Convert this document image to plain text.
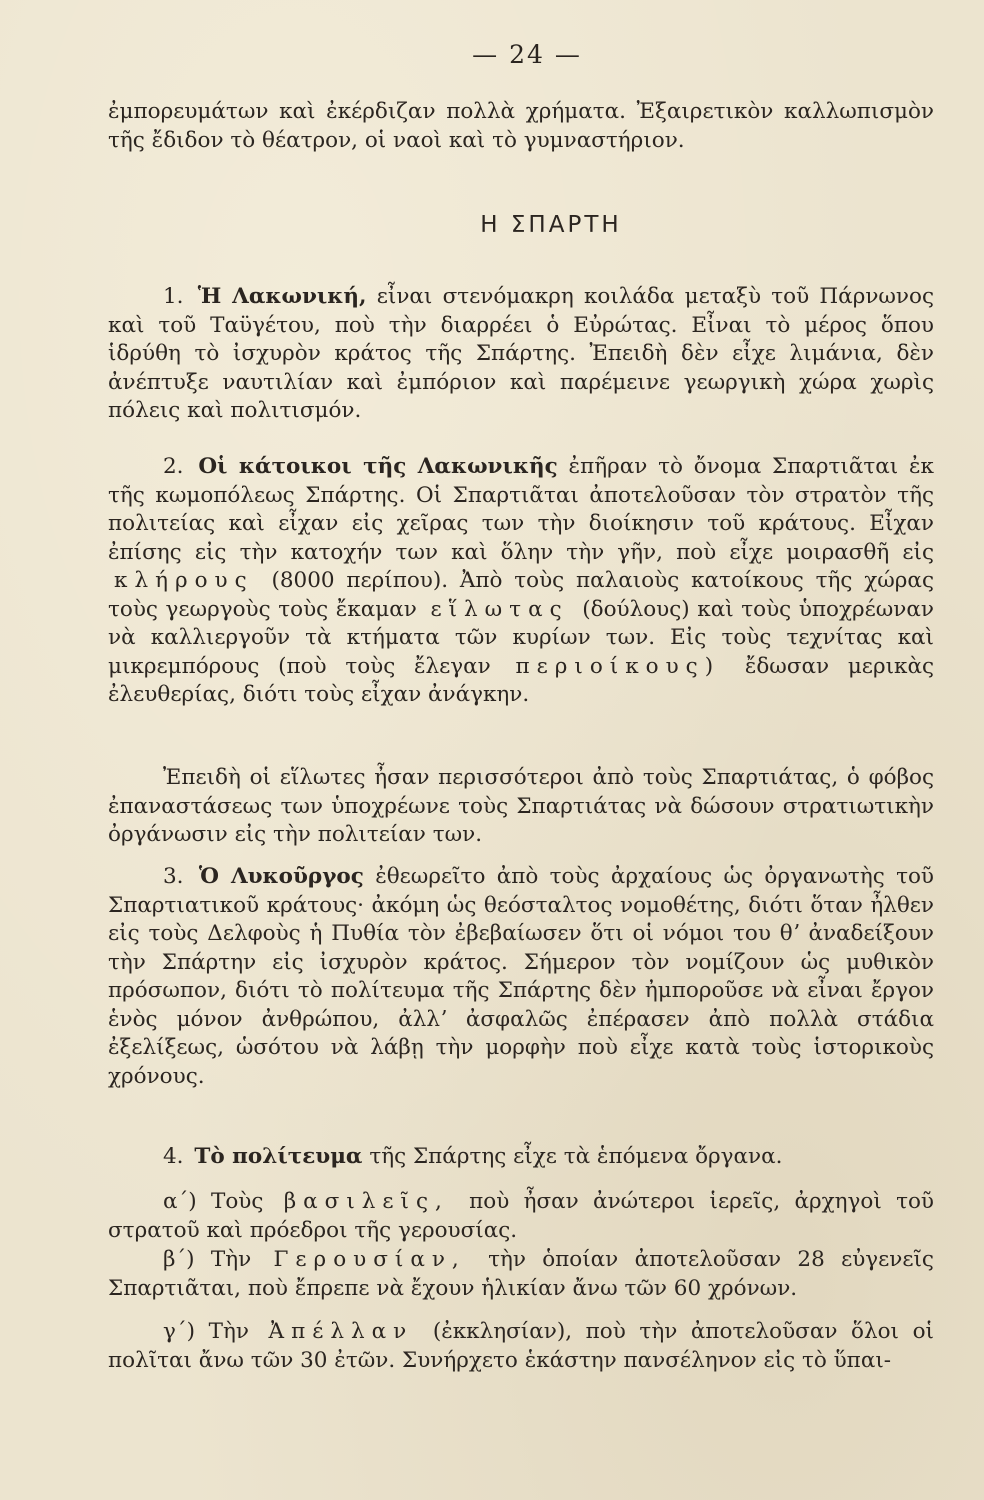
— 24 —

ἐμπορευμάτων καὶ ἐκέρδιζαν πολλὰ χρήματα. Ἐξαιρετικὸν καλλωπισμὸν τῆς ἔδιδον τὸ θέατρον, οἱ ναοὶ καὶ τὸ γυμναστήριον.

Η ΣΠΑΡΤΗ

1. Ἡ Λακωνική, εἶναι στενόμακρη κοιλάδα μεταξὺ τοῦ Πάρνωνος καὶ τοῦ Ταϋγέτου, ποὺ τὴν διαρρέει ὁ Εὐρώτας. Εἶναι τὸ μέρος ὅπου ἱδρύθη τὸ ἰσχυρὸν κράτος τῆς Σπάρτης. Ἐπειδὴ δὲν εἶχε λιμάνια, δὲν ἀνέπτυξε ναυτιλίαν καὶ ἐμπόριον καὶ παρέμεινε γεωργικὴ χώρα χωρὶς πόλεις καὶ πολιτισμόν.

2. Οἱ κάτοικοι τῆς Λακωνικῆς ἐπῆραν τὸ ὄνομα Σπαρτιᾶται ἐκ τῆς κωμοπόλεως Σπάρτης. Οἱ Σπαρτιᾶται ἀποτελοῦσαν τὸν στρατὸν τῆς πολιτείας καὶ εἶχαν εἰς χεῖρας των τὴν διοίκησιν τοῦ κράτους. Εἶχαν ἐπίσης εἰς τὴν κατοχήν των καὶ ὅλην τὴν γῆν, ποὺ εἶχε μοιρασθῆ εἰς κλήρους (8000 περίπου). Ἀπὸ τοὺς παλαιοὺς κατοίκους τῆς χώρας τοὺς γεωργοὺς τοὺς ἔκαμαν εἵλωτας (δούλους) καὶ τοὺς ὑποχρέωναν νὰ καλλιεργοῦν τὰ κτήματα τῶν κυρίων των. Εἰς τοὺς τεχνίτας καὶ μικρεμπόρους (ποὺ τοὺς ἔλεγαν περιοίκους) ἔδωσαν μερικὰς ἐλευθερίας, διότι τοὺς εἶχαν ἀνάγκην.

Ἐπειδὴ οἱ εἵλωτες ἦσαν περισσότεροι ἀπὸ τοὺς Σπαρτιάτας, ὁ φόβος ἐπαναστάσεως των ὑποχρέωνε τοὺς Σπαρτιάτας νὰ δώσουν στρατιωτικὴν ὀργάνωσιν εἰς τὴν πολιτείαν των.

3. Ὁ Λυκοῦργος ἐθεωρεῖτο ἀπὸ τοὺς ἀρχαίους ὡς ὀργανωτὴς τοῦ Σπαρτιατικοῦ κράτους· ἀκόμη ὡς θεόσταλτος νομοθέτης, διότι ὅταν ἦλθεν εἰς τοὺς Δελφοὺς ἡ Πυθία τὸν ἐβεβαίωσεν ὅτι οἱ νόμοι του θʼ ἀναδείξουν τὴν Σπάρτην εἰς ἰσχυρὸν κράτος. Σήμερον τὸν νομίζουν ὡς μυθικὸν πρόσωπον, διότι τὸ πολίτευμα τῆς Σπάρτης δὲν ἠμποροῦσε νὰ εἶναι ἔργον ἑνὸς μόνον ἀνθρώπου, ἀλλʼ ἀσφαλῶς ἐπέρασεν ἀπὸ πολλὰ στάδια ἐξελίξεως, ὡσότου νὰ λάβῃ τὴν μορφὴν ποὺ εἶχε κατὰ τοὺς ἱστορικοὺς χρόνους.

4. Τὸ πολίτευμα τῆς Σπάρτης εἶχε τὰ ἑπόμενα ὄργανα.

α΄) Τοὺς βασιλεῖς, ποὺ ἦσαν ἀνώτεροι ἱερεῖς, ἀρχηγοὶ τοῦ στρατοῦ καὶ πρόεδροι τῆς γερουσίας.

β΄) Τὴν Γερουσίαν, τὴν ὁποίαν ἀποτελοῦσαν 28 εὐγενεῖς Σπαρτιᾶται, ποὺ ἔπρεπε νὰ ἔχουν ἡλικίαν ἄνω τῶν 60 χρόνων.

γ΄) Τὴν Ἀπέλλαν (ἐκκλησίαν), ποὺ τὴν ἀποτελοῦσαν ὅλοι οἱ πολῖται ἄνω τῶν 30 ἐτῶν. Συνήρχετο ἑκάστην πανσέληνον εἰς τὸ ὕπαι-
